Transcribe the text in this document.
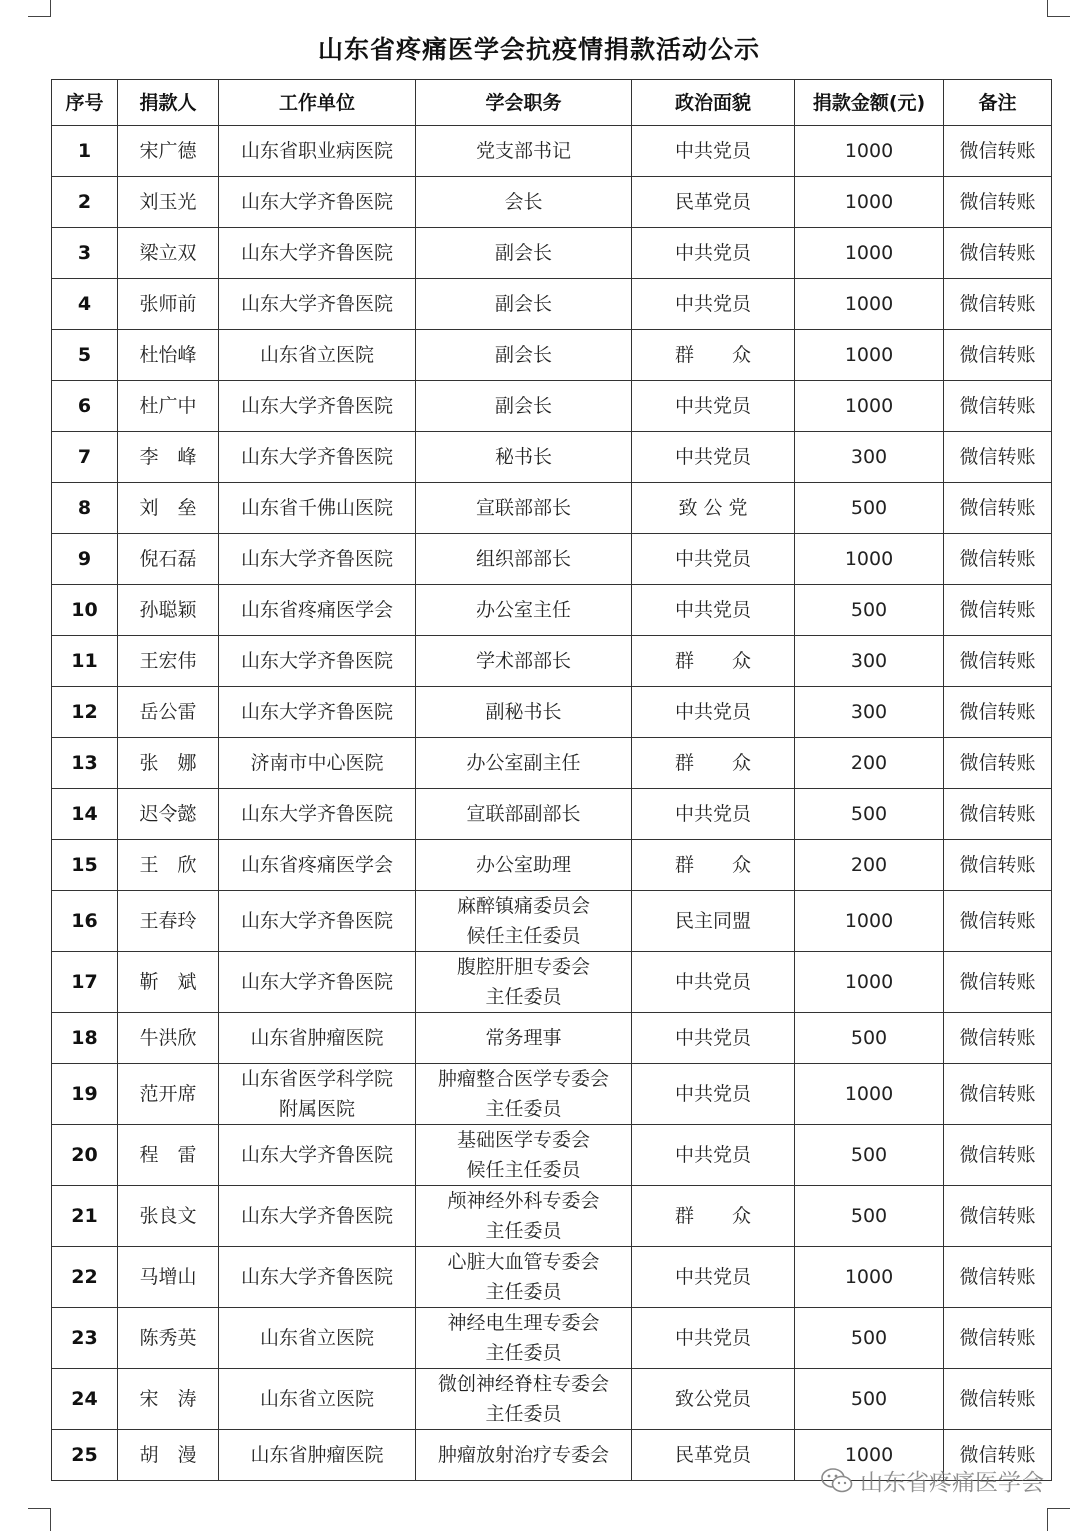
山东省疼痛医学会抗疫情捐款活动公示
序号	捐款人	工作单位	学会职务	政治面貌	捐款金额(元)	备注
1	宋广德	山东省职业病医院	党支部书记	中共党员	1000	微信转账
2	刘玉光	山东大学齐鲁医院	会长	民革党员	1000	微信转账
3	梁立双	山东大学齐鲁医院	副会长	中共党员	1000	微信转账
4	张师前	山东大学齐鲁医院	副会长	中共党员	1000	微信转账
5	杜怡峰	山东省立医院	副会长	群　　众	1000	微信转账
6	杜广中	山东大学齐鲁医院	副会长	中共党员	1000	微信转账
7	李　峰	山东大学齐鲁医院	秘书长	中共党员	300	微信转账
8	刘　垒	山东省千佛山医院	宣联部部长	致 公 党	500	微信转账
9	倪石磊	山东大学齐鲁医院	组织部部长	中共党员	1000	微信转账
10	孙聪颖	山东省疼痛医学会	办公室主任	中共党员	500	微信转账
11	王宏伟	山东大学齐鲁医院	学术部部长	群　　众	300	微信转账
12	岳公雷	山东大学齐鲁医院	副秘书长	中共党员	300	微信转账
13	张　娜	济南市中心医院	办公室副主任	群　　众	200	微信转账
14	迟令懿	山东大学齐鲁医院	宣联部副部长	中共党员	500	微信转账
15	王　欣	山东省疼痛医学会	办公室助理	群　　众	200	微信转账
16	王春玲	山东大学齐鲁医院	麻醉镇痛委员会
候任主任委员	民主同盟	1000	微信转账
17	靳　斌	山东大学齐鲁医院	腹腔肝胆专委会
主任委员	中共党员	1000	微信转账
18	牛洪欣	山东省肿瘤医院	常务理事	中共党员	500	微信转账
19	范开席	山东省医学科学院
附属医院	肿瘤整合医学专委会
主任委员	中共党员	1000	微信转账
20	程　雷	山东大学齐鲁医院	基础医学专委会
候任主任委员	中共党员	500	微信转账
21	张良文	山东大学齐鲁医院	颅神经外科专委会
主任委员	群　　众	500	微信转账
22	马增山	山东大学齐鲁医院	心脏大血管专委会
主任委员	中共党员	1000	微信转账
23	陈秀英	山东省立医院	神经电生理专委会
主任委员	中共党员	500	微信转账
24	宋　涛	山东省立医院	微创神经脊柱专委会
主任委员	致公党员	500	微信转账
25	胡　漫	山东省肿瘤医院	肿瘤放射治疗专委会	民革党员	1000	微信转账
山东省疼痛医学会
